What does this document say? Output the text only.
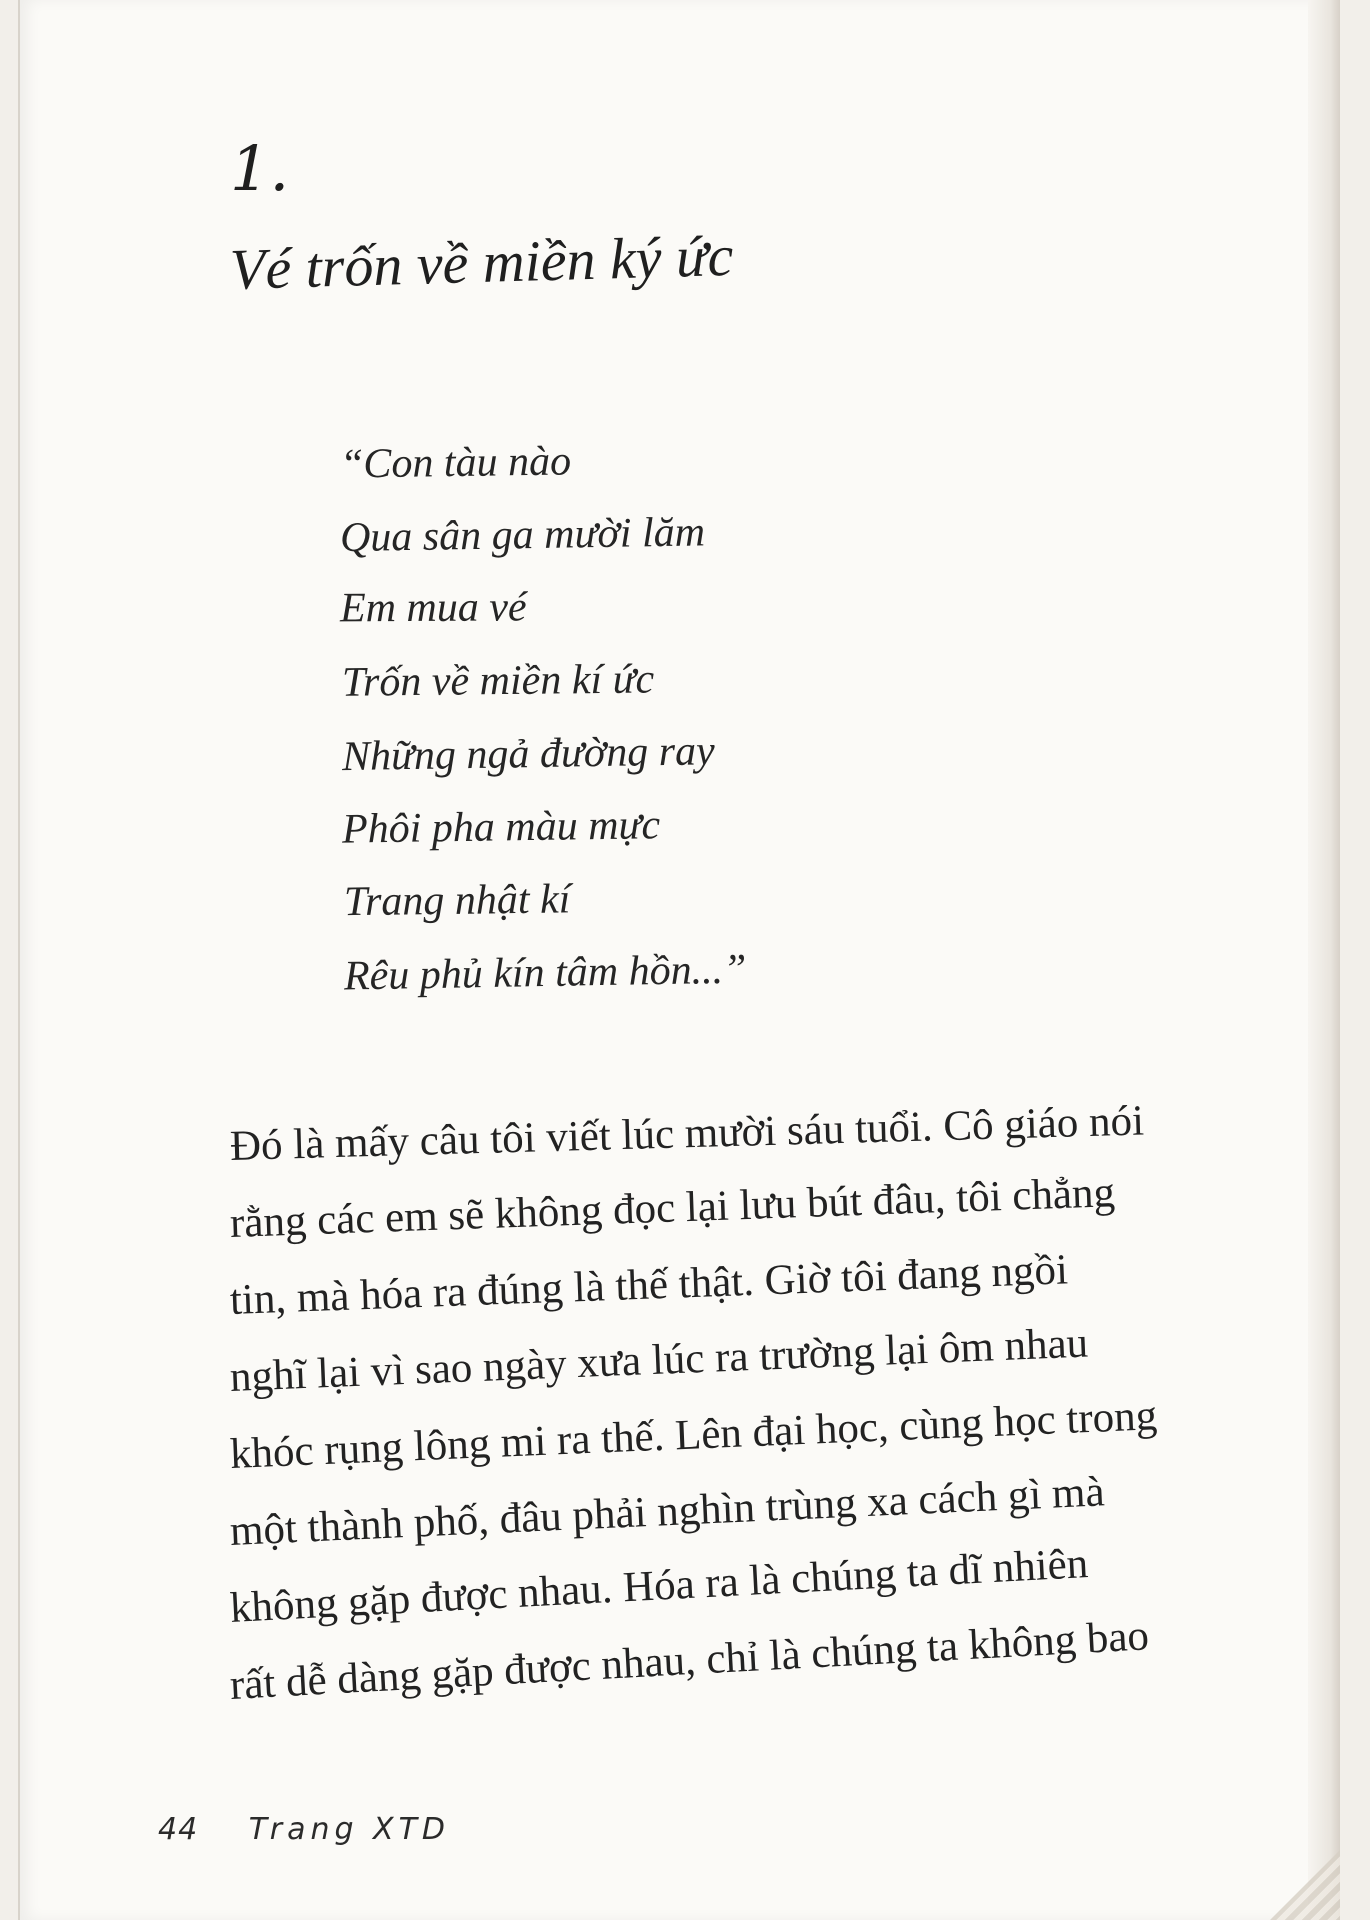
1.
Vé trốn về miền ký ức
“Con tàu nào
Qua sân ga mười lăm
Em mua vé
Trốn về miền kí ức
Những ngả đường ray
Phôi pha màu mực
Trang nhật kí
Rêu phủ kín tâm hồn...”
Đó là mấy câu tôi viết lúc mười sáu tuổi. Cô giáo nói
rằng các em sẽ không đọc lại lưu bút đâu, tôi chẳng
tin, mà hóa ra đúng là thế thật. Giờ tôi đang ngồi
nghĩ lại vì sao ngày xưa lúc ra trường lại ôm nhau
khóc rụng lông mi ra thế. Lên đại học, cùng học trong
một thành phố, đâu phải nghìn trùng xa cách gì mà
không gặp được nhau. Hóa ra là chúng ta dĩ nhiên
rất dễ dàng gặp được nhau, chỉ là chúng ta không bao
44 Trang XTD
